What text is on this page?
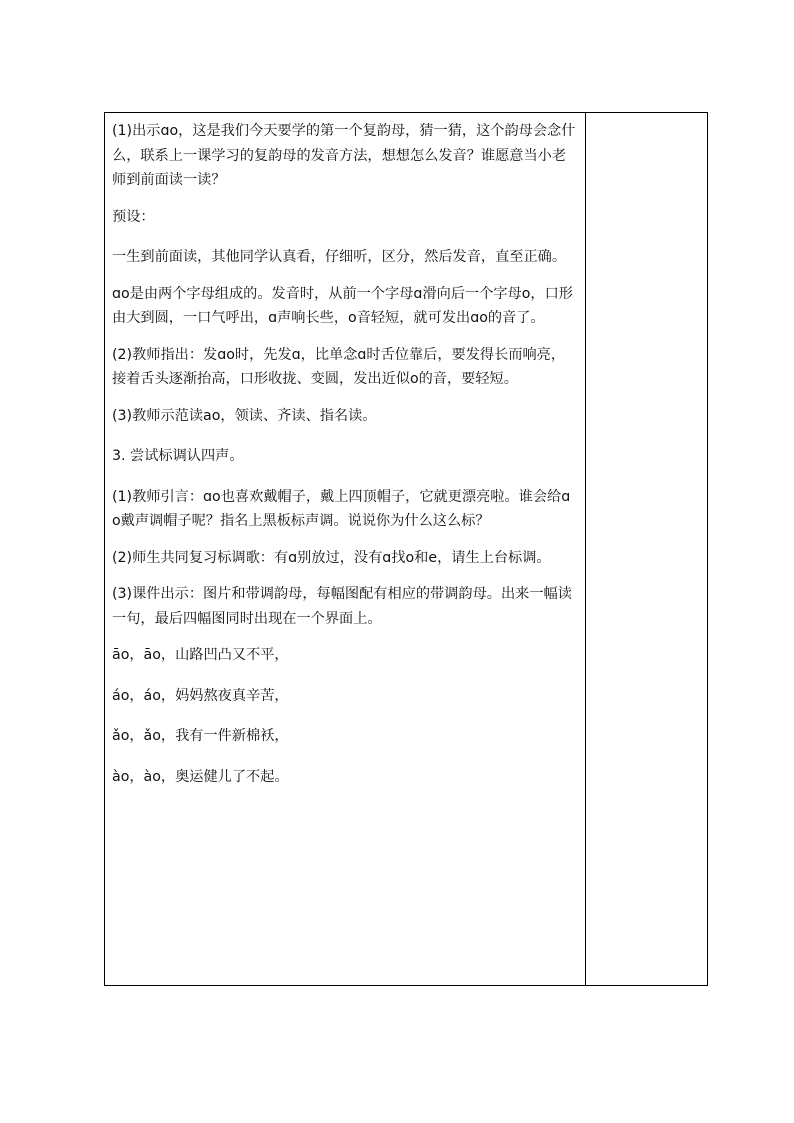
(1)出示ɑo，这是我们今天要学的第一个复韵母，猜一猜，这个韵母会念什么，联系上一课学习的复韵母的发音方法，想想怎么发音？谁愿意当小老师到前面读一读？

预设：

一生到前面读，其他同学认真看，仔细听，区分，然后发音，直至正确。

ɑo是由两个字母组成的。发音时，从前一个字母ɑ滑向后一个字母o，口形由大到圆，一口气呼出，ɑ声响长些，o音轻短，就可发出ɑo的音了。

(2)教师指出：发ɑo时，先发ɑ，比单念ɑ时舌位靠后，要发得长而响亮，接着舌头逐渐抬高，口形收拢、变圆，发出近似o的音，要轻短。

(3)教师示范读ao，领读、齐读、指名读。

3. 尝试标调认四声。

(1)教师引言：ɑo也喜欢戴帽子，戴上四顶帽子，它就更漂亮啦。谁会给ɑo戴声调帽子呢？指名上黑板标声调。说说你为什么这么标？

(2)师生共同复习标调歌：有ɑ别放过，没有ɑ找o和e，请生上台标调。

(3)课件出示：图片和带调韵母，每幅图配有相应的带调韵母。出来一幅读一句，最后四幅图同时出现在一个界面上。

āo，āo，山路凹凸又不平，

áo，áo，妈妈熬夜真辛苦，

ǎo，ǎo，我有一件新棉袄，

ào，ào，奥运健儿了不起。
